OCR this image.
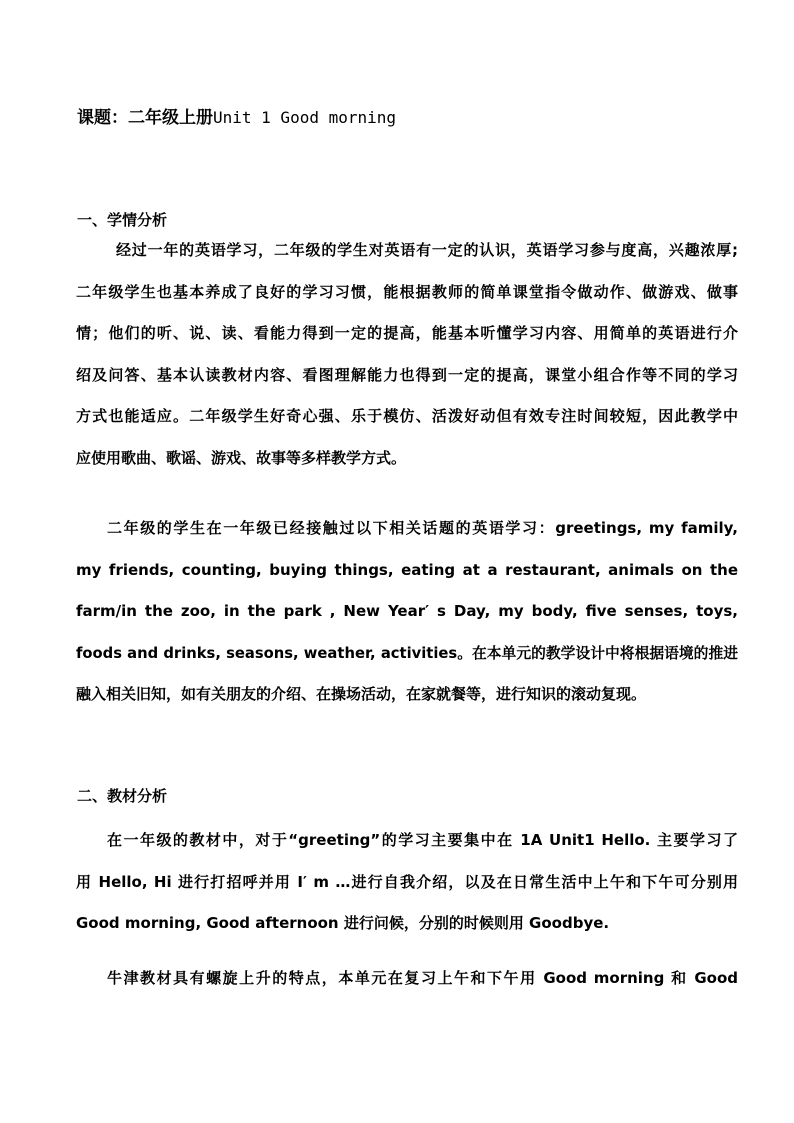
课题：二年级上册Unit 1 Good morning
一、学情分析
经过一年的英语学习，二年级的学生对英语有一定的认识，英语学习参与度高，兴趣浓厚;
二年级学生也基本养成了良好的学习习惯，能根据教师的简单课堂指令做动作、做游戏、做事
情；他们的听、说、读、看能力得到一定的提高，能基本听懂学习内容、用简单的英语进行介
绍及问答、基本认读教材内容、看图理解能力也得到一定的提高，课堂小组合作等不同的学习
方式也能适应。二年级学生好奇心强、乐于模仿、活泼好动但有效专注时间较短，因此教学中
应使用歌曲、歌谣、游戏、故事等多样教学方式。
二年级的学生在一年级已经接触过以下相关话题的英语学习：greetings, my family,
my friends, counting, buying things, eating at a restaurant, animals on the
farm/in the zoo, in the park , New Year′ s Day, my body, five senses, toys,
foods and drinks, seasons, weather, activities。在本单元的教学设计中将根据语境的推进
融入相关旧知，如有关朋友的介绍、在操场活动，在家就餐等，进行知识的滚动复现。
二、教材分析
在一年级的教材中，对于“greeting”的学习主要集中在 1A Unit1 Hello. 主要学习了
用 Hello, Hi 进行打招呼并用 I′ m …进行自我介绍，以及在日常生活中上午和下午可分别用
Good morning, Good afternoon 进行问候，分别的时候则用 Goodbye.
牛津教材具有螺旋上升的特点，本单元在复习上午和下午用 Good morning 和 Good
